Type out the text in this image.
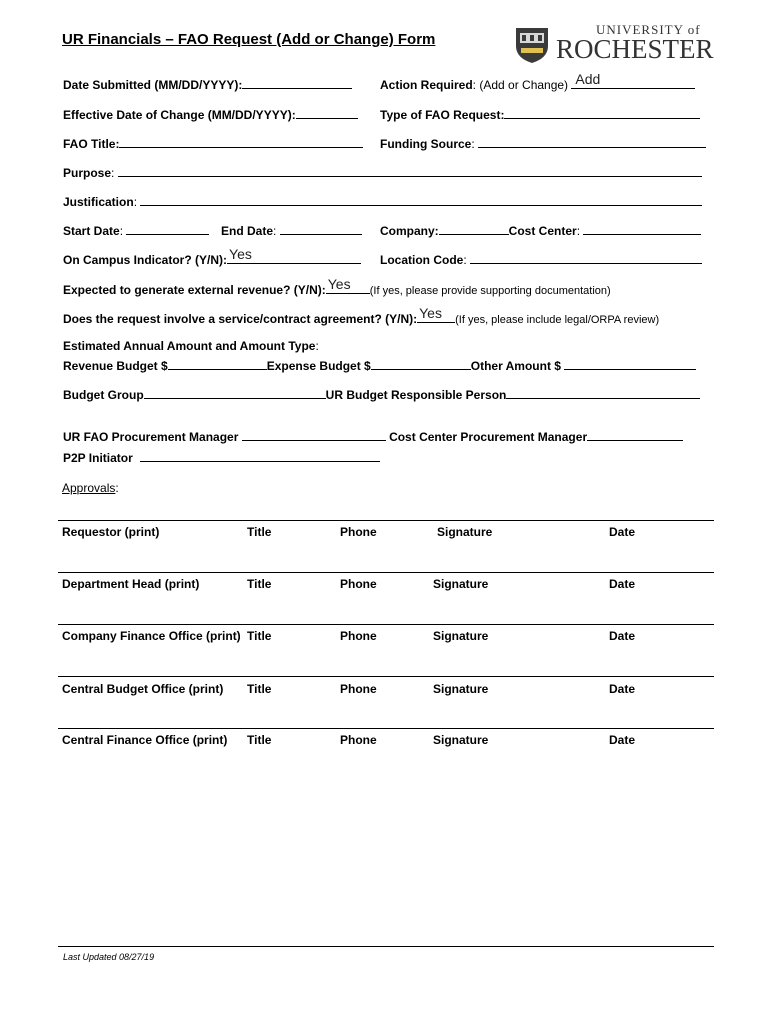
UR Financials – FAO Request (Add or Change) Form
UNIVERSITY of
ROCHESTER
Date Submitted (MM/DD/YYYY):	Action Required: (Add or Change) Add
Effective Date of Change (MM/DD/YYYY):	Type of FAO Request:
FAO Title:	Funding Source:
Purpose:
Justification:
Start Date:	End Date:	Company:	Cost Center:
On Campus Indicator? (Y/N): Yes	Location Code:
Expected to generate external revenue? (Y/N): Yes (If yes, please provide supporting documentation)
Does the request involve a service/contract agreement? (Y/N): Yes (If yes, please include legal/ORPA review)
Estimated Annual Amount and Amount Type:
Revenue Budget $	Expense Budget $	Other Amount $
Budget Group	UR Budget Responsible Person
UR FAO Procurement Manager	Cost Center Procurement Manager
P2P Initiator
Approvals:
Requestor (print)	Title	Phone	Signature	Date
Department Head (print)	Title	Phone	Signature	Date
Company Finance Office (print) Title	Phone	Signature	Date
Central Budget Office (print) Title	Phone	Signature	Date
Central Finance Office (print) Title	Phone	Signature	Date
Last Updated 08/27/19
